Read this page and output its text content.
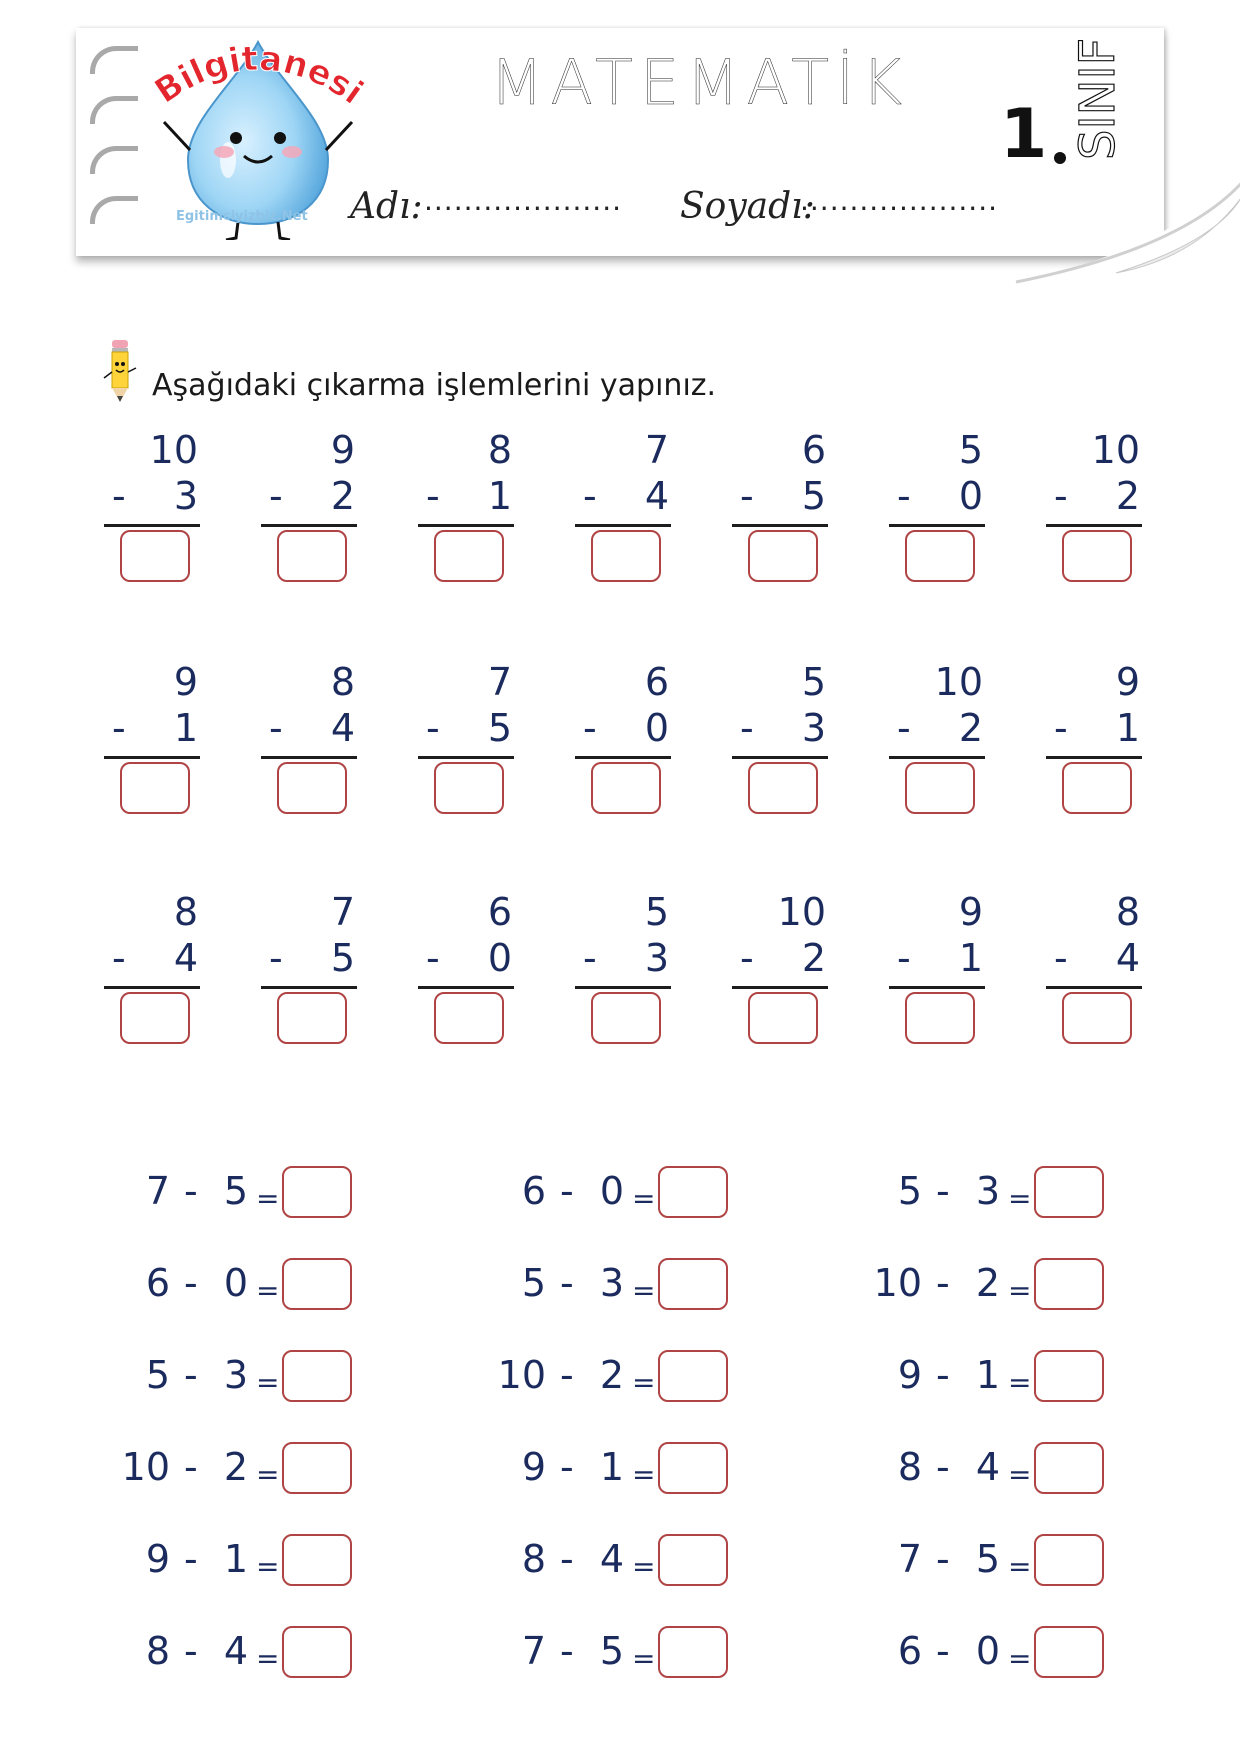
Bilgitanesi
Egitimciyizbiz.Net
MATEMATİK
1
Adı: .................... Soyadı:
....................
Aşağıdaki çıkarma işlemlerini yapınız.
10
- 3
9
- 2
8
- 1
7
- 4
6
- 5
5
- 0
10
- 2
9
- 1
8
- 4
7
- 5
6
- 0
5
- 3
10
- 2
9
- 1
8
- 4
7
- 5
6
- 0
5
- 3
10
- 2
9
- 1
8
- 4
7 - 5 =	6 - 0 =	5 - 3 =
6 - 0 =	5 - 3 =	10 - 2 =
5 - 3 =	10 - 2 =	9 - 1 =
10 - 2 =	9 - 1 =	8 - 4 =
9 - 1 =	8 - 4 =	7 - 5 =
8 - 4 =	7 - 5 =	6 - 0 =
